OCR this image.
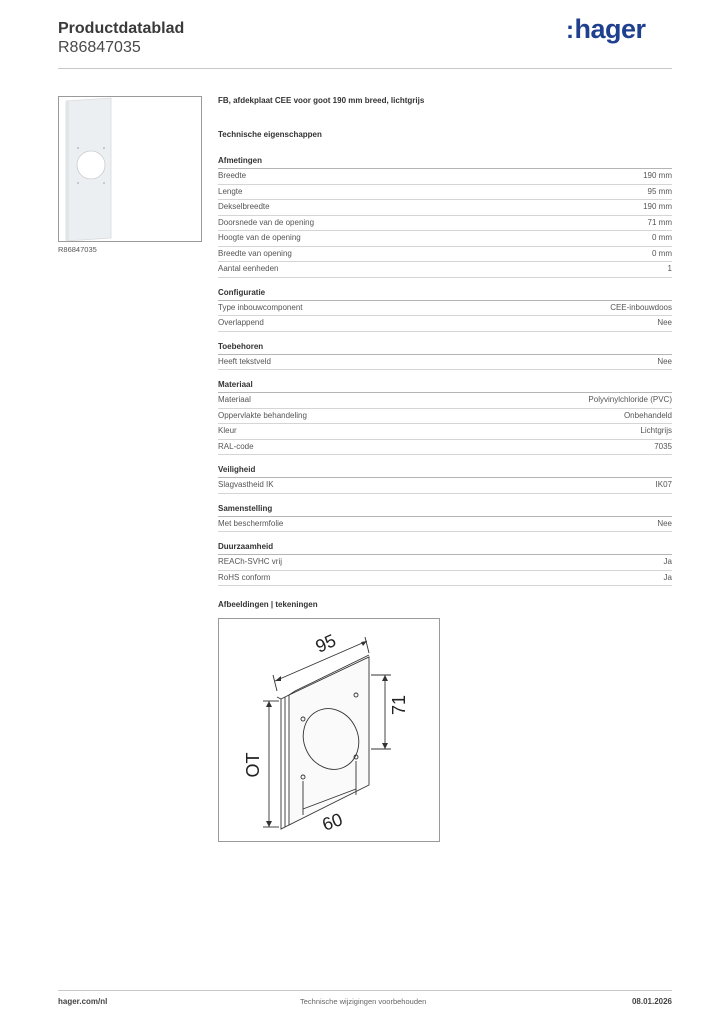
Productdatablad
R86847035
:hager
R86847035
FB, afdekplaat CEE voor goot 190 mm breed, lichtgrijs
Technische eigenschappen
Afmetingen
Breedte	190 mm
Lengte	95 mm
Dekselbreedte	190 mm
Doorsnede van de opening	71 mm
Hoogte van de opening	0 mm
Breedte van opening	0 mm
Aantal eenheden	1
Configuratie
Type inbouwcomponent	CEE-inbouwdoos
Overlappend	Nee
Toebehoren
Heeft tekstveld	Nee
Materiaal
Materiaal	Polyvinylchloride (PVC)
Oppervlakte behandeling	Onbehandeld
Kleur	Lichtgrijs
RAL-code	7035
Veiligheid
Slagvastheid IK	IK07
Samenstelling
Met beschermfolie	Nee
Duurzaamheid
REACh-SVHC vrij	Ja
RoHS conform	Ja
Afbeeldingen | tekeningen
95
71
OT
60
hager.com/nl	Technische wijzigingen voorbehouden	08.01.2026
